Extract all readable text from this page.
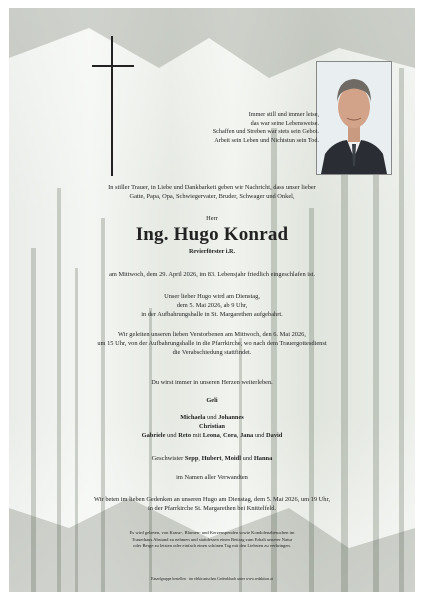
Immer still und immer leise,
das war seine Lebensweise.
Schaffen und Streben war stets sein Gebot.
Arbeit sein Leben und Nichtstun sein Tod.
In stiller Trauer, in Liebe und Dankbarkeit geben wir Nachricht, dass unser lieber
Gatte, Papa, Opa, Schwiegervater, Bruder, Schwager und Onkel,
Herr
Ing. Hugo Konrad
Revierförster i.R.
am Mittwoch, dem 29. April 2026, im 83. Lebensjahr friedlich eingeschlafen ist.
Unser lieber Hugo wird am Dienstag,
dem 5. Mai 2026, ab 9 Uhr,
in der Aufbahrungshalle in St. Margarethen aufgebahrt.
Wir geleiten unseren lieben Verstorbenen am Mittwoch, den 6. Mai 2026,
um 15 Uhr, von der Aufbahrungshalle in die Pfarrkirche, wo nach dem Trauergottesdienst
die Verabschiedung stattfindet.
Du wirst immer in unseren Herzen weiterleben.
Geli
Michaela und Johannes
Christian
Gabriele und Reto mit Leona, Cora, Jana und David
Geschwister Sepp, Hubert, Moidl und Hanna
im Namen aller Verwandten
Wir beten im lieben Gedenken an unseren Hugo am Dienstag, dem 5. Mai 2026, um 19 Uhr,
in der Pfarrkirche St. Margarethen bei Knittelfeld.
Es wird gebeten, von Kranz-, Blumen- und Kerzenspenden sowie Kondolenzbesuchen im
Trauerhaus Abstand zu nehmen und stattdessen einen Beitrag zum Erhalt unserer Natur
oder Berge zu leisten oder einfach einen schönen Tag mit den Liebsten zu verbringen.
Einzelgruppe bestellen · im elektronischen Gedenkbuch unter www.redaktion.at
